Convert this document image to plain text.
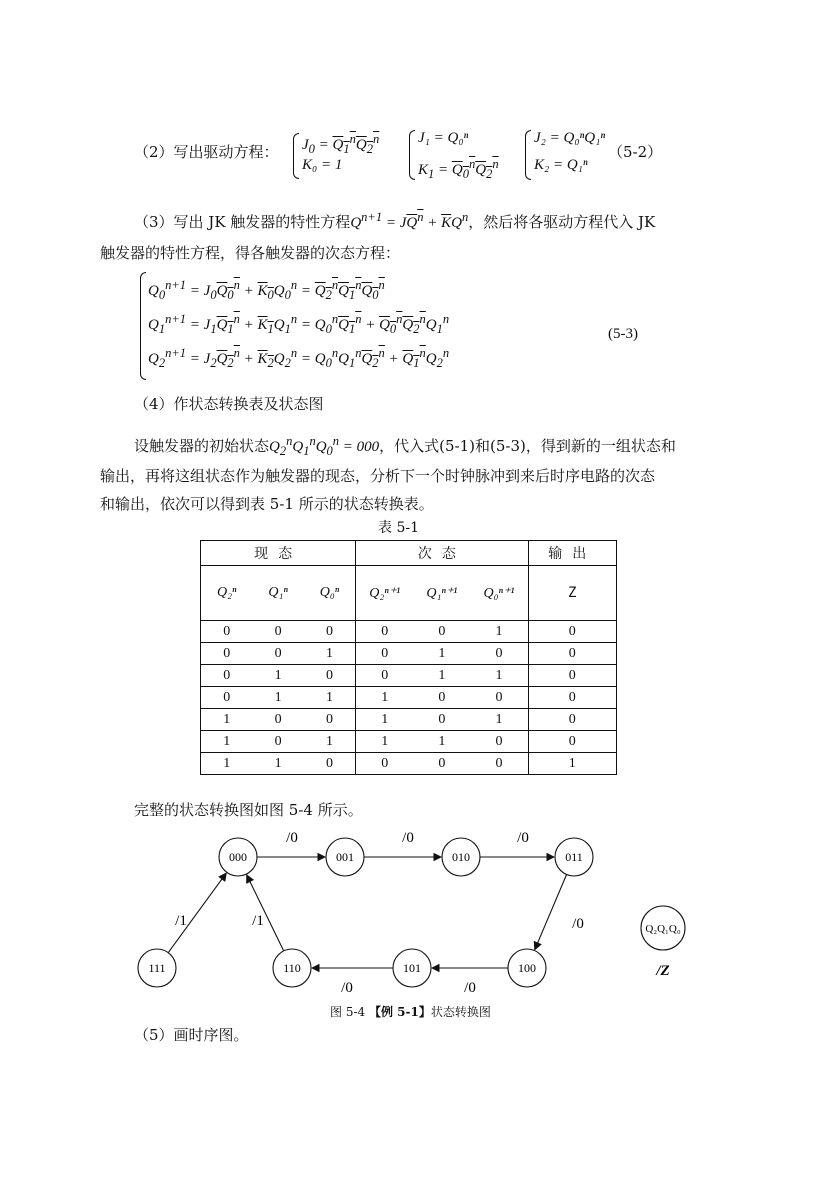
（2）写出驱动方程： $J_0 = Q_1^nQ_2^n$
K₀ = 1
J₁ = Q₀ⁿ
$K_1 = Q_0^nQ_2^n$
J₂ = Q₀ⁿQ₁ⁿ
K₂ = Q₁ⁿ
（5-2）
（3）写出 JK 触发器的特性方程$Q^{n+1} = JQ^n + \overline{K}Q^n$，然后将各驱动方程代入 JK
触发器的特性方程，得各触发器的次态方程：
$Q_0^{n+1} = J_0Q_0^n + K_0Q_0^n = Q_2^nQ_1^nQ_0^n$
$Q_1^{n+1} = J_1Q_1^n + K_1Q_1^n = Q_0^nQ_1^n + Q_0^nQ_2^nQ_1^n$
$Q_2^{n+1} = J_2Q_2^n + K_2Q_2^n = Q_0^nQ_1^nQ_2^n + Q_1^nQ_2^n$
(5-3)
（4）作状态转换表及状态图
设触发器的初始状态$Q_2^nQ_1^nQ_0^n = 000$，代入式(5-1)和(5-3)，得到新的一组状态和
输出，再将这组状态作为触发器的现态，分析下一个时钟脉冲到来后时序电路的次态
和输出，依次可以得到表 5-1 所示的状态转换表。
表 5-1
现态	次态	输出

Q₂ⁿ Q₁ⁿ Q₀ⁿ	Q₂ⁿ⁺¹ Q₁ⁿ⁺¹ Q₀ⁿ⁺¹	Z

0 0 0	0 0 1	0

0 0 1	0 1 0	0

0 1 0	0 1 1	0

0 1 1	1 0 0	0

1 0 0	1 0 1	0

1 0 1	1 1 0	0

1 1 0	0 0 0	1
完整的状态转换图如图 5-4 所示。
/0	/0	/0
/0
/0
/0
/1
/1
000	001	010	011
100
101
110
111
Q₂Q₁Q₀
/Z
图 5-4 【例 5-1】状态转换图
（5）画时序图。
